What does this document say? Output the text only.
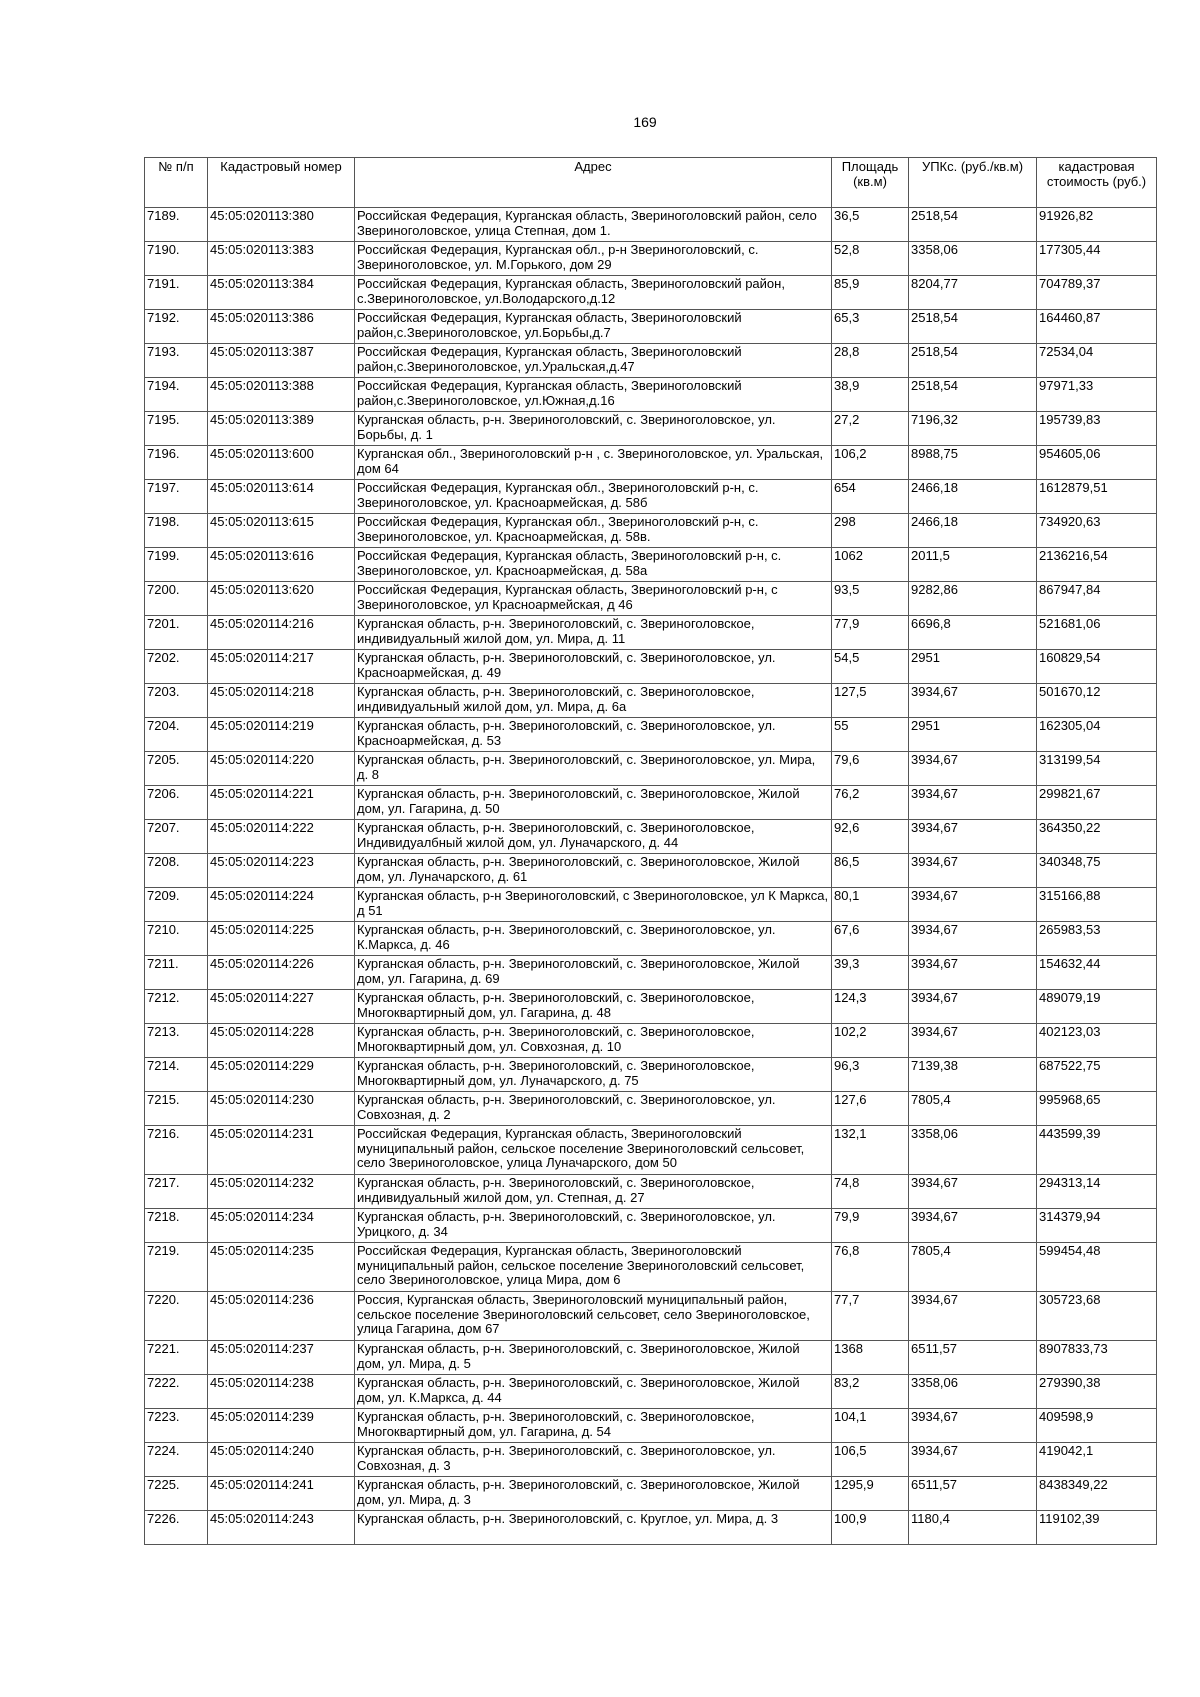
169
№ п/п	Кадастровый номер	Адрес	Площадь (кв.м)	УПКс. (руб./кв.м)	кадастровая стоимость (руб.)
7189.	45:05:020113:380	Российская Федерация, Курганская область, Звериноголовский район, село Звериноголовское, улица Степная, дом 1.	36,5	2518,54	91926,82
7190.	45:05:020113:383	Российская Федерация, Курганская обл., р-н Звериноголовский, с. Звериноголовское, ул. М.Горького, дом 29	52,8	3358,06	177305,44
7191.	45:05:020113:384	Российская Федерация, Курганская область, Звериноголовский район, с.Звериноголовское, ул.Володарского,д.12	85,9	8204,77	704789,37
7192.	45:05:020113:386	Российская Федерация, Курганская область, Звериноголовский район,с.Звериноголовское, ул.Борьбы,д.7	65,3	2518,54	164460,87
7193.	45:05:020113:387	Российская Федерация, Курганская область, Звериноголовский район,с.Звериноголовское, ул.Уральская,д.47	28,8	2518,54	72534,04
7194.	45:05:020113:388	Российская Федерация, Курганская область, Звериноголовский район,с.Звериноголовское, ул.Южная,д.16	38,9	2518,54	97971,33
7195.	45:05:020113:389	Курганская область, р-н. Звериноголовский, с. Звериноголовское, ул. Борьбы, д. 1	27,2	7196,32	195739,83
7196.	45:05:020113:600	Курганская обл., Звериноголовский р-н , с. Звериноголовское, ул. Уральская, дом 64	106,2	8988,75	954605,06
7197.	45:05:020113:614	Российская Федерация, Курганская обл., Звериноголовский р-н, с. Звериноголовское, ул. Красноармейская, д. 58б	654	2466,18	1612879,51
7198.	45:05:020113:615	Российская Федерация, Курганская обл., Звериноголовский р-н, с. Звериноголовское, ул. Красноармейская, д. 58в.	298	2466,18	734920,63
7199.	45:05:020113:616	Российская Федерация, Курганская область, Звериноголовский р-н, с. Звериноголовское, ул. Красноармейская, д. 58а	1062	2011,5	2136216,54
7200.	45:05:020113:620	Российская Федерация, Курганская область, Звериноголовский р-н, с Звериноголовское, ул Красноармейская, д 46	93,5	9282,86	867947,84
7201.	45:05:020114:216	Курганская область, р-н. Звериноголовский, с. Звериноголовское, индивидуальный жилой дом, ул. Мира, д. 11	77,9	6696,8	521681,06
7202.	45:05:020114:217	Курганская область, р-н. Звериноголовский, с. Звериноголовское, ул. Красноармейская, д. 49	54,5	2951	160829,54
7203.	45:05:020114:218	Курганская область, р-н. Звериноголовский, с. Звериноголовское, индивидуальный жилой дом, ул. Мира, д. 6а	127,5	3934,67	501670,12
7204.	45:05:020114:219	Курганская область, р-н. Звериноголовский, с. Звериноголовское, ул. Красноармейская, д. 53	55	2951	162305,04
7205.	45:05:020114:220	Курганская область, р-н. Звериноголовский, с. Звериноголовское, ул. Мира, д. 8	79,6	3934,67	313199,54
7206.	45:05:020114:221	Курганская область, р-н. Звериноголовский, с. Звериноголовское, Жилой дом, ул. Гагарина, д. 50	76,2	3934,67	299821,67
7207.	45:05:020114:222	Курганская область, р-н. Звериноголовский, с. Звериноголовское, Индивидуалбный жилой дом, ул. Луначарского, д. 44	92,6	3934,67	364350,22
7208.	45:05:020114:223	Курганская область, р-н. Звериноголовский, с. Звериноголовское, Жилой дом, ул. Луначарского, д. 61	86,5	3934,67	340348,75
7209.	45:05:020114:224	Курганская область, р-н Звериноголовский, с Звериноголовское, ул К Маркса, д 51	80,1	3934,67	315166,88
7210.	45:05:020114:225	Курганская область, р-н. Звериноголовский, с. Звериноголовское, ул. К.Маркса, д. 46	67,6	3934,67	265983,53
7211.	45:05:020114:226	Курганская область, р-н. Звериноголовский, с. Звериноголовское, Жилой дом, ул. Гагарина, д. 69	39,3	3934,67	154632,44
7212.	45:05:020114:227	Курганская область, р-н. Звериноголовский, с. Звериноголовское, Многоквартирный дом, ул. Гагарина, д. 48	124,3	3934,67	489079,19
7213.	45:05:020114:228	Курганская область, р-н. Звериноголовский, с. Звериноголовское, Многоквартирный дом, ул. Совхозная, д. 10	102,2	3934,67	402123,03
7214.	45:05:020114:229	Курганская область, р-н. Звериноголовский, с. Звериноголовское, Многоквартирный дом, ул. Луначарского, д. 75	96,3	7139,38	687522,75
7215.	45:05:020114:230	Курганская область, р-н. Звериноголовский, с. Звериноголовское, ул. Совхозная, д. 2	127,6	7805,4	995968,65
7216.	45:05:020114:231	Российская Федерация, Курганская область, Звериноголовский муниципальный район, сельское поселение Звериноголовский сельсовет, село Звериноголовское, улица Луначарского, дом 50	132,1	3358,06	443599,39
7217.	45:05:020114:232	Курганская область, р-н. Звериноголовский, с. Звериноголовское, индивидуальный жилой дом, ул. Степная, д. 27	74,8	3934,67	294313,14
7218.	45:05:020114:234	Курганская область, р-н. Звериноголовский, с. Звериноголовское, ул. Урицкого, д. 34	79,9	3934,67	314379,94
7219.	45:05:020114:235	Российская Федерация, Курганская область, Звериноголовский муниципальный район, сельское поселение Звериноголовский сельсовет, село Звериноголовское, улица Мира, дом 6	76,8	7805,4	599454,48
7220.	45:05:020114:236	Россия, Курганская область, Звериноголовский муниципальный район, сельское поселение Звериноголовский сельсовет, село Звериноголовское, улица Гагарина, дом 67	77,7	3934,67	305723,68
7221.	45:05:020114:237	Курганская область, р-н. Звериноголовский, с. Звериноголовское, Жилой дом, ул. Мира, д. 5	1368	6511,57	8907833,73
7222.	45:05:020114:238	Курганская область, р-н. Звериноголовский, с. Звериноголовское, Жилой дом, ул. К.Маркса, д. 44	83,2	3358,06	279390,38
7223.	45:05:020114:239	Курганская область, р-н. Звериноголовский, с. Звериноголовское, Многоквартирный дом, ул. Гагарина, д. 54	104,1	3934,67	409598,9
7224.	45:05:020114:240	Курганская область, р-н. Звериноголовский, с. Звериноголовское, ул. Совхозная, д. 3	106,5	3934,67	419042,1
7225.	45:05:020114:241	Курганская область, р-н. Звериноголовский, с. Звериноголовское, Жилой дом, ул. Мира, д. 3	1295,9	6511,57	8438349,22
7226.	45:05:020114:243	Курганская область, р-н. Звериноголовский, с. Круглое, ул. Мира, д. 3	100,9	1180,4	119102,39
